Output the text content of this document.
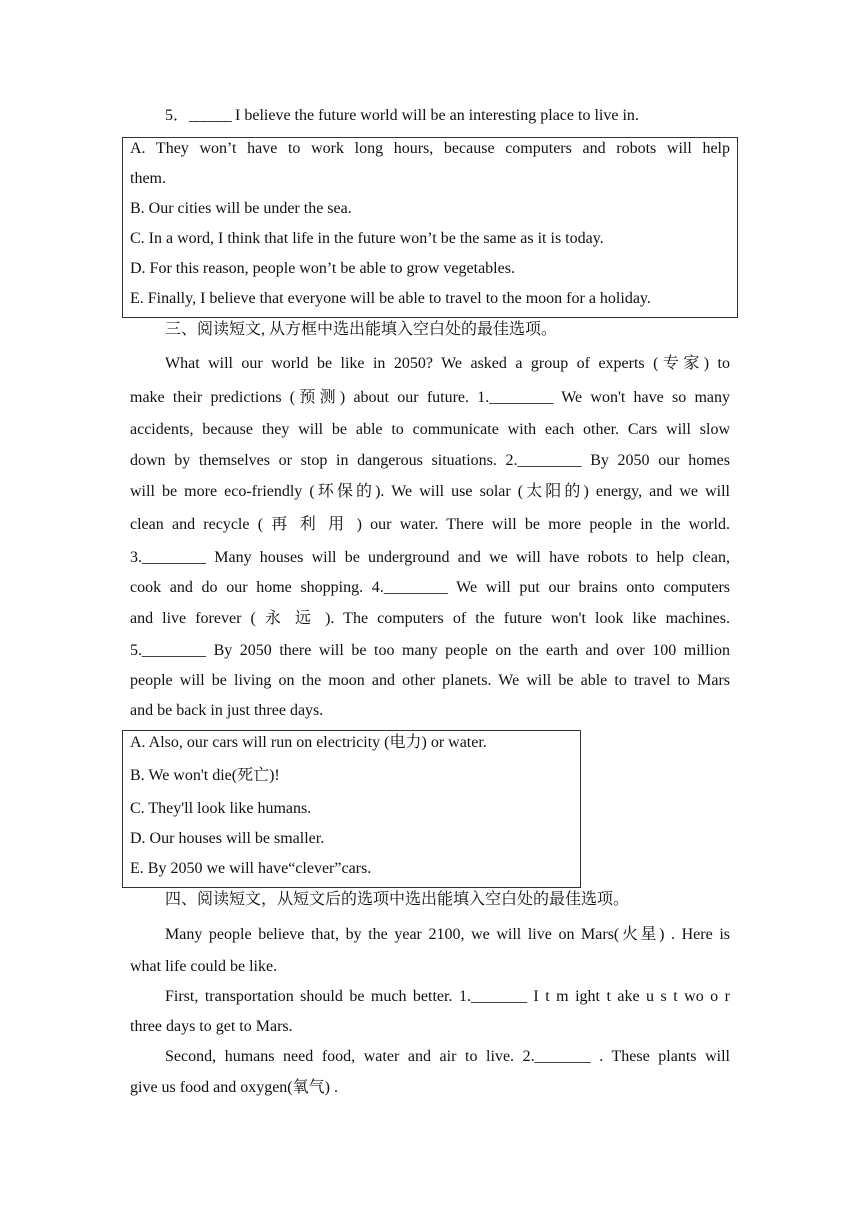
5．______ I believe the future world will be an interesting place to live in.
A. They won’t have to work long hours, because computers and robots will help
them.
B. Our cities will be under the sea.
C. In a word, I think that life in the future won’t be the same as it is today.
D. For this reason, people won’t be able to grow vegetables.
E. Finally, I believe that everyone will be able to travel to the moon for a holiday.
三、阅读短文, 从方框中选出能填入空白处的最佳选项。
What will our world be like in 2050? We asked a group of experts (专家) to
make their predictions (预测) about our future. 1.________ We won't have so many
accidents, because they will be able to communicate with each other. Cars will slow
down by themselves or stop in dangerous situations. 2.________ By 2050 our homes
will be more eco-friendly (环保的). We will use solar (太阳的) energy, and we will
clean and recycle ( 再 利 用 ) our water. There will be more people in the world.
3.________ Many houses will be underground and we will have robots to help clean,
cook and do our home shopping. 4.________ We will put our brains onto computers
and live forever ( 永 远 ). The computers of the future won't look like machines.
5.________ By 2050 there will be too many people on the earth and over 100 million
people will be living on the moon and other planets. We will be able to travel to Mars
and be back in just three days.
A. Also, our cars will run on electricity (电力) or water.
B. We won't die(死亡)!
C. They'll look like humans.
D. Our houses will be smaller.
E. By 2050 we will have“clever”cars.
四、阅读短文，从短文后的选项中选出能填入空白处的最佳选项。
Many people believe that, by the year 2100, we will live on Mars(火星) . Here is
what life could be like.
First, transportation should be much better. 1._______ I t m ight t ake u s t wo o r
three days to get to Mars.
Second, humans need food, water and air to live. 2._______ . These plants will
give us food and oxygen(氧气) .
